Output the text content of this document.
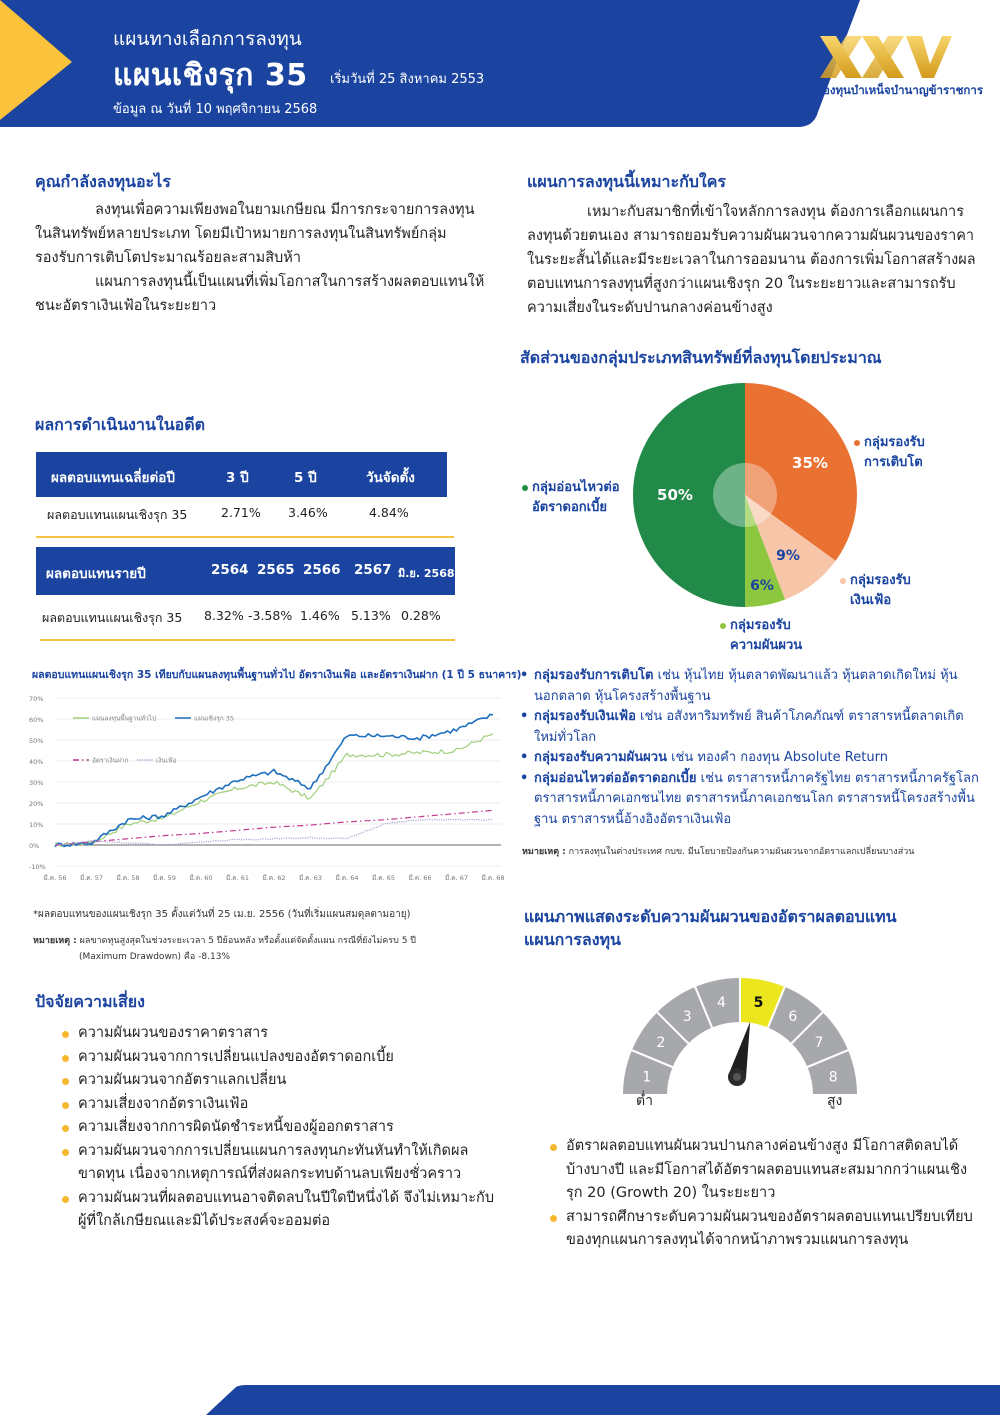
แผนทางเลือกการลงทุน
แผนเชิงรุก 35 เริ่มวันที่ 25 สิงหาคม 2553
ข้อมูล ณ วันที่ 10 พฤศจิกายน 2568
กองทุนบำเหน็จบำนาญข้าราชการ
คุณกำลังลงทุนอะไร
ลงทุนเพื่อความเพียงพอในยามเกษียณ มีการกระจายการลงทุนในสินทรัพย์หลายประเภท โดยมีเป้าหมายการลงทุนในสินทรัพย์กลุ่มรองรับการเติบโตประมาณร้อยละสามสิบห้า
แผนการลงทุนนี้เป็นแผนที่เพิ่มโอกาสในการสร้างผลตอบแทนให้ชนะอัตราเงินเฟ้อในระยะยาว
แผนการลงทุนนี้เหมาะกับใคร
เหมาะกับสมาชิกที่เข้าใจหลักการลงทุน ต้องการเลือกแผนการลงทุนด้วยตนเอง สามารถยอมรับความผันผวนจากความผันผวนของราคาในระยะสั้นได้และมีระยะเวลาในการออมนาน ต้องการเพิ่มโอกาสสร้างผลตอบแทนการลงทุนที่สูงกว่าแผนเชิงรุก 20 ในระยะยาวและสามารถรับความเสี่ยงในระดับปานกลางค่อนข้างสูง
ผลการดำเนินงานในอดีต
ผลตอบแทนเฉลี่ยต่อปี	3 ปี	5 ปี	วันจัดตั้ง
ผลตอบแทนแผนเชิงรุก 35	2.71% 3.46%	4.84%
ผลตอบแทนรายปี	2564 2565 2566 2567 มิ.ย. 2568
ผลตอบแทนแผนเชิงรุก 35 8.32% -3.58% 1.46% 5.13% 0.28%
ผลตอบแทนแผนเชิงรุก 35 เทียบกับแผนลงทุนพื้นฐานทั่วไป อัตราเงินเฟ้อ และอัตราเงินฝาก (1 ปี 5 ธนาคาร)
-10%
0%
10%
20%
30%
40%
50%
60%
70%
มี.ค. 56 มี.ค. 57 มี.ค. 58 มี.ค. 59 มี.ค. 60 มี.ค. 61 มี.ค. 62 มี.ค. 63 มี.ค. 64 มี.ค. 65 มี.ค. 66 มี.ค. 67 มี.ค. 68
แผนลงทุนพื้นฐานทั่วไป	แผนเชิงรุก 35
อัตราเงินฝาก	เงินเฟ้อ
*ผลตอบแทนของแผนเชิงรุก 35 ตั้งแต่วันที่ 25 เม.ย. 2556 (วันที่เริ่มแผนสมดุลตามอายุ)
หมายเหตุ : ผลขาดทุนสูงสุดในช่วงระยะเวลา 5 ปีย้อนหลัง หรือตั้งแต่จัดตั้งแผน กรณีที่ยังไม่ครบ 5 ปี
(Maximum Drawdown) คือ -8.13%
ปัจจัยความเสี่ยง
ความผันผวนของราคาตราสาร
ความผันผวนจากการเปลี่ยนแปลงของอัตราดอกเบี้ย
ความผันผวนจากอัตราแลกเปลี่ยน
ความเสี่ยงจากอัตราเงินเฟ้อ
ความเสี่ยงจากการผิดนัดชำระหนี้ของผู้ออกตราสาร
ความผันผวนจากการเปลี่ยนแผนการลงทุนกะทันหันทำให้เกิดผลขาดทุน เนื่องจากเหตุการณ์ที่ส่งผลกระทบด้านลบเพียงชั่วคราว
ความผันผวนที่ผลตอบแทนอาจติดลบในปีใดปีหนึ่งได้ จึงไม่เหมาะกับผู้ที่ใกล้เกษียณและมิได้ประสงค์จะออมต่อ
สัดส่วนของกลุ่มประเภทสินทรัพย์ที่ลงทุนโดยประมาณ
35%
9%
6%
50%
กลุ่มรองรับ
การเติบโต
กลุ่มรองรับ
เงินเฟ้อ
กลุ่มรองรับ
ความผันผวน
กลุ่มอ่อนไหวต่อ
อัตราดอกเบี้ย
• กลุ่มรองรับการเติบโต เช่น หุ้นไทย หุ้นตลาดพัฒนาแล้ว หุ้นตลาดเกิดใหม่ หุ้นนอกตลาด หุ้นโครงสร้างพื้นฐาน
• กลุ่มรองรับเงินเฟ้อ เช่น อสังหาริมทรัพย์ สินค้าโภคภัณฑ์ ตราสารหนี้ตลาดเกิดใหม่ทั่วโลก
• กลุ่มรองรับความผันผวน เช่น ทองคำ กองทุน Absolute Return
• กลุ่มอ่อนไหวต่ออัตราดอกเบี้ย เช่น ตราสารหนี้ภาครัฐไทย ตราสารหนี้ภาครัฐโลก ตราสารหนี้ภาคเอกชนไทย ตราสารหนี้ภาคเอกชนโลก ตราสารหนี้โครงสร้างพื้นฐาน ตราสารหนี้อ้างอิงอัตราเงินเฟ้อ
หมายเหตุ : การลงทุนในต่างประเทศ กบข. มีนโยบายป้องกันความผันผวนจากอัตราแลกเปลี่ยนบางส่วน
แผนภาพแสดงระดับความผันผวนของอัตราผลตอบแทน
แผนการลงทุน
1
2
3
4 5
6
7
8
ต่ำ	สูง
อัตราผลตอบแทนผันผวนปานกลางค่อนข้างสูง มีโอกาสติดลบได้บ้างบางปี และมีโอกาสได้อัตราผลตอบแทนสะสมมากกว่าแผนเชิงรุก 20 (Growth 20) ในระยะยาว
สามารถศึกษาระดับความผันผวนของอัตราผลตอบแทนเปรียบเทียบของทุกแผนการลงทุนได้จากหน้าภาพรวมแผนการลงทุน
